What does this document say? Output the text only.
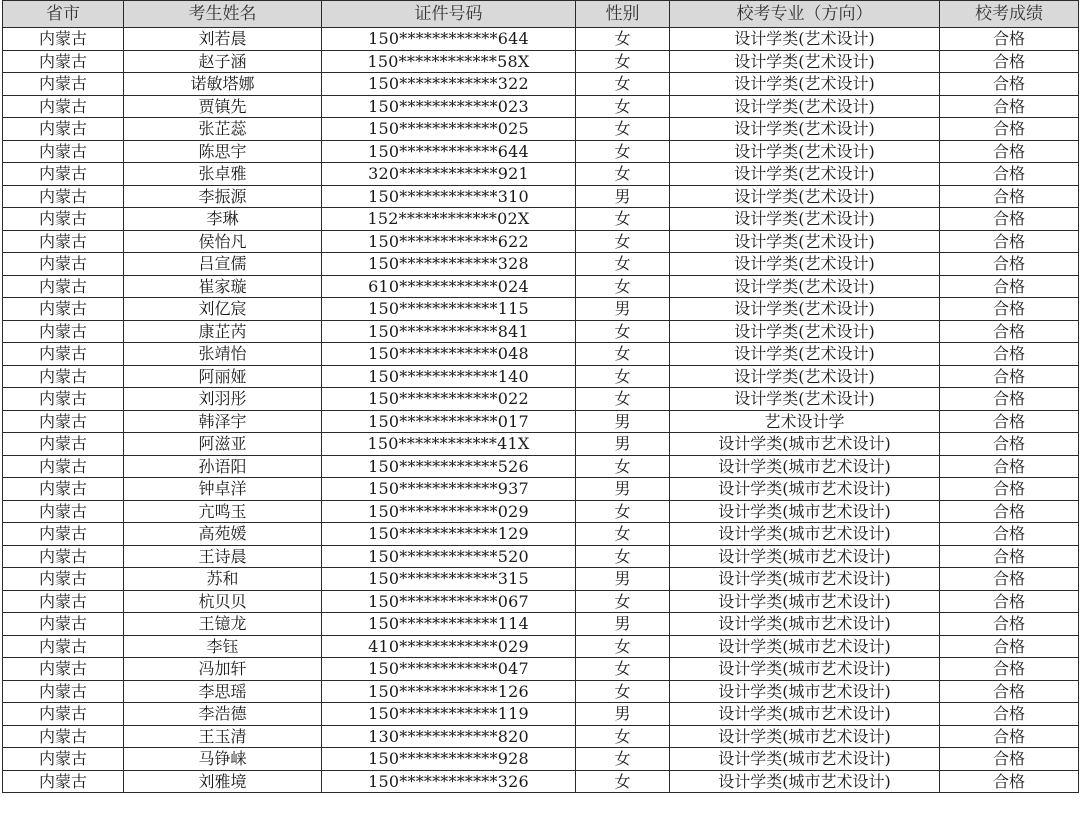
省市	考生姓名	证件号码	性别	校考专业（方向）	校考成绩
内蒙古	刘若晨	150************644	女	设计学类(艺术设计)	合格
内蒙古	赵子涵	150************58X	女	设计学类(艺术设计)	合格
内蒙古	诺敏塔娜	150************322	女	设计学类(艺术设计)	合格
内蒙古	贾镇先	150************023	女	设计学类(艺术设计)	合格
内蒙古	张芷蕊	150************025	女	设计学类(艺术设计)	合格
内蒙古	陈思宇	150************644	女	设计学类(艺术设计)	合格
内蒙古	张卓雅	320************921	女	设计学类(艺术设计)	合格
内蒙古	李振源	150************310	男	设计学类(艺术设计)	合格
内蒙古	李琳	152************02X	女	设计学类(艺术设计)	合格
内蒙古	侯怡凡	150************622	女	设计学类(艺术设计)	合格
内蒙古	吕宣儒	150************328	女	设计学类(艺术设计)	合格
内蒙古	崔家璇	610************024	女	设计学类(艺术设计)	合格
内蒙古	刘亿宸	150************115	男	设计学类(艺术设计)	合格
内蒙古	康芷芮	150************841	女	设计学类(艺术设计)	合格
内蒙古	张靖怡	150************048	女	设计学类(艺术设计)	合格
内蒙古	阿丽娅	150************140	女	设计学类(艺术设计)	合格
内蒙古	刘羽彤	150************022	女	设计学类(艺术设计)	合格
内蒙古	韩泽宇	150************017	男	艺术设计学	合格
内蒙古	阿滋亚	150************41X	男	设计学类(城市艺术设计)	合格
内蒙古	孙语阳	150************526	女	设计学类(城市艺术设计)	合格
内蒙古	钟卓洋	150************937	男	设计学类(城市艺术设计)	合格
内蒙古	亢鸣玉	150************029	女	设计学类(城市艺术设计)	合格
内蒙古	高苑媛	150************129	女	设计学类(城市艺术设计)	合格
内蒙古	王诗晨	150************520	女	设计学类(城市艺术设计)	合格
内蒙古	苏和	150************315	男	设计学类(城市艺术设计)	合格
内蒙古	杭贝贝	150************067	女	设计学类(城市艺术设计)	合格
内蒙古	王镱龙	150************114	男	设计学类(城市艺术设计)	合格
内蒙古	李钰	410************029	女	设计学类(城市艺术设计)	合格
内蒙古	冯加轩	150************047	女	设计学类(城市艺术设计)	合格
内蒙古	李思瑶	150************126	女	设计学类(城市艺术设计)	合格
内蒙古	李浩德	150************119	男	设计学类(城市艺术设计)	合格
内蒙古	王玉清	130************820	女	设计学类(城市艺术设计)	合格
内蒙古	马铮崃	150************928	女	设计学类(城市艺术设计)	合格
内蒙古	刘雅境	150************326	女	设计学类(城市艺术设计)	合格
